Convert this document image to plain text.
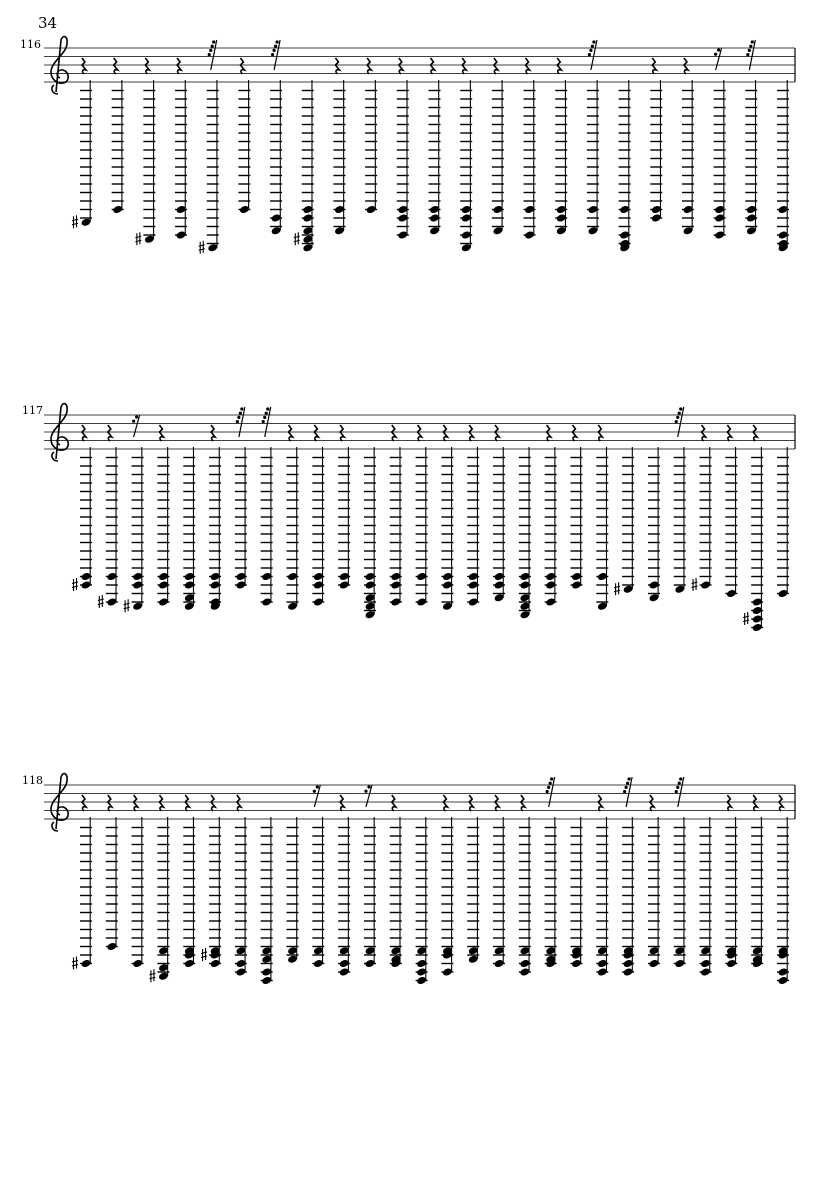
34
116
117
118
